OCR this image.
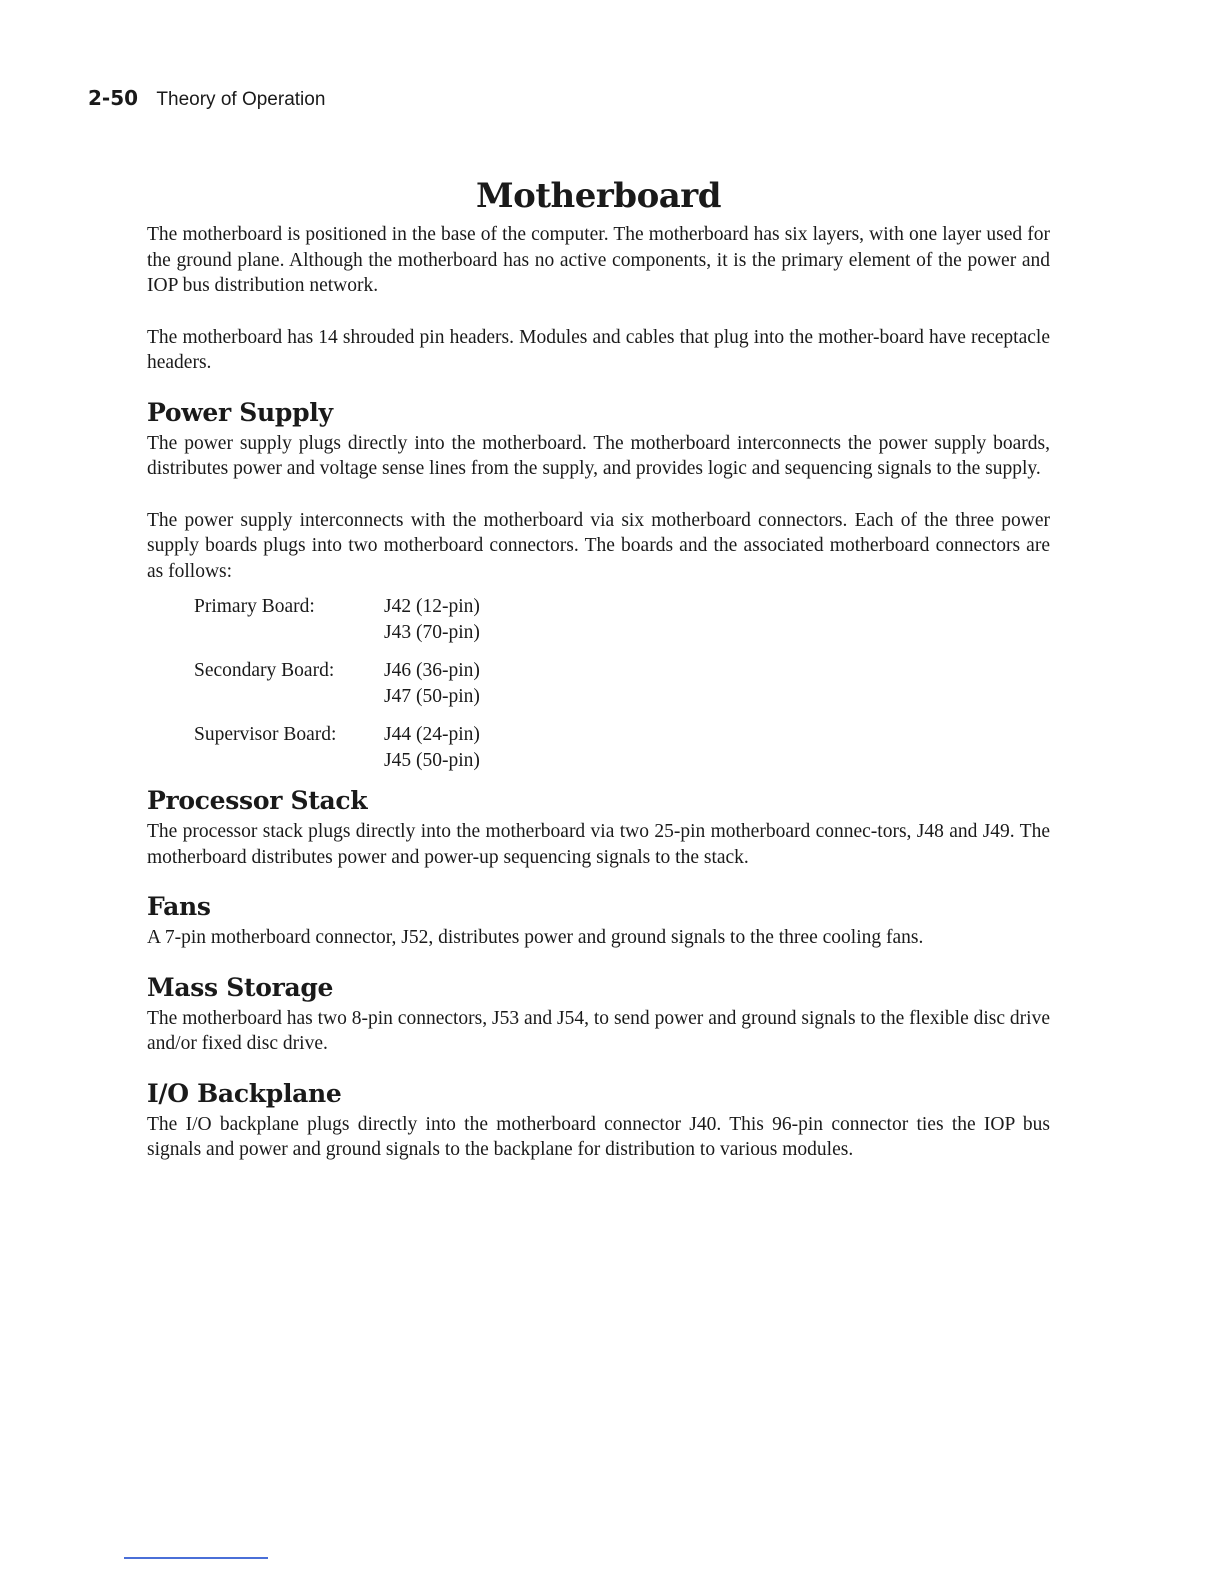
2-50 Theory of Operation
Motherboard

The motherboard is positioned in the base of the computer. The motherboard has six layers, with one layer used for the ground plane. Although the motherboard has no active components, it is the primary element of the power and IOP bus distribution network.

The motherboard has 14 shrouded pin headers. Modules and cables that plug into the mother-board have receptacle headers.

Power Supply

The power supply plugs directly into the motherboard. The motherboard interconnects the power supply boards, distributes power and voltage sense lines from the supply, and provides logic and sequencing signals to the supply.

The power supply interconnects with the motherboard via six motherboard connectors. Each of the three power supply boards plugs into two motherboard connectors. The boards and the associated motherboard connectors are as follows:

Primary Board:	J42 (12-pin)
J43 (70-pin)
Secondary Board:	J46 (36-pin)
J47 (50-pin)
Supervisor Board:	J44 (24-pin)
J45 (50-pin)
Processor Stack

The processor stack plugs directly into the motherboard via two 25-pin motherboard connec-tors, J48 and J49. The motherboard distributes power and power-up sequencing signals to the stack.

Fans

A 7-pin motherboard connector, J52, distributes power and ground signals to the three cooling fans.

Mass Storage

The motherboard has two 8-pin connectors, J53 and J54, to send power and ground signals to the flexible disc drive and/or fixed disc drive.

I/O Backplane

The I/O backplane plugs directly into the motherboard connector J40. This 96-pin connector ties the IOP bus signals and power and ground signals to the backplane for distribution to various modules.
